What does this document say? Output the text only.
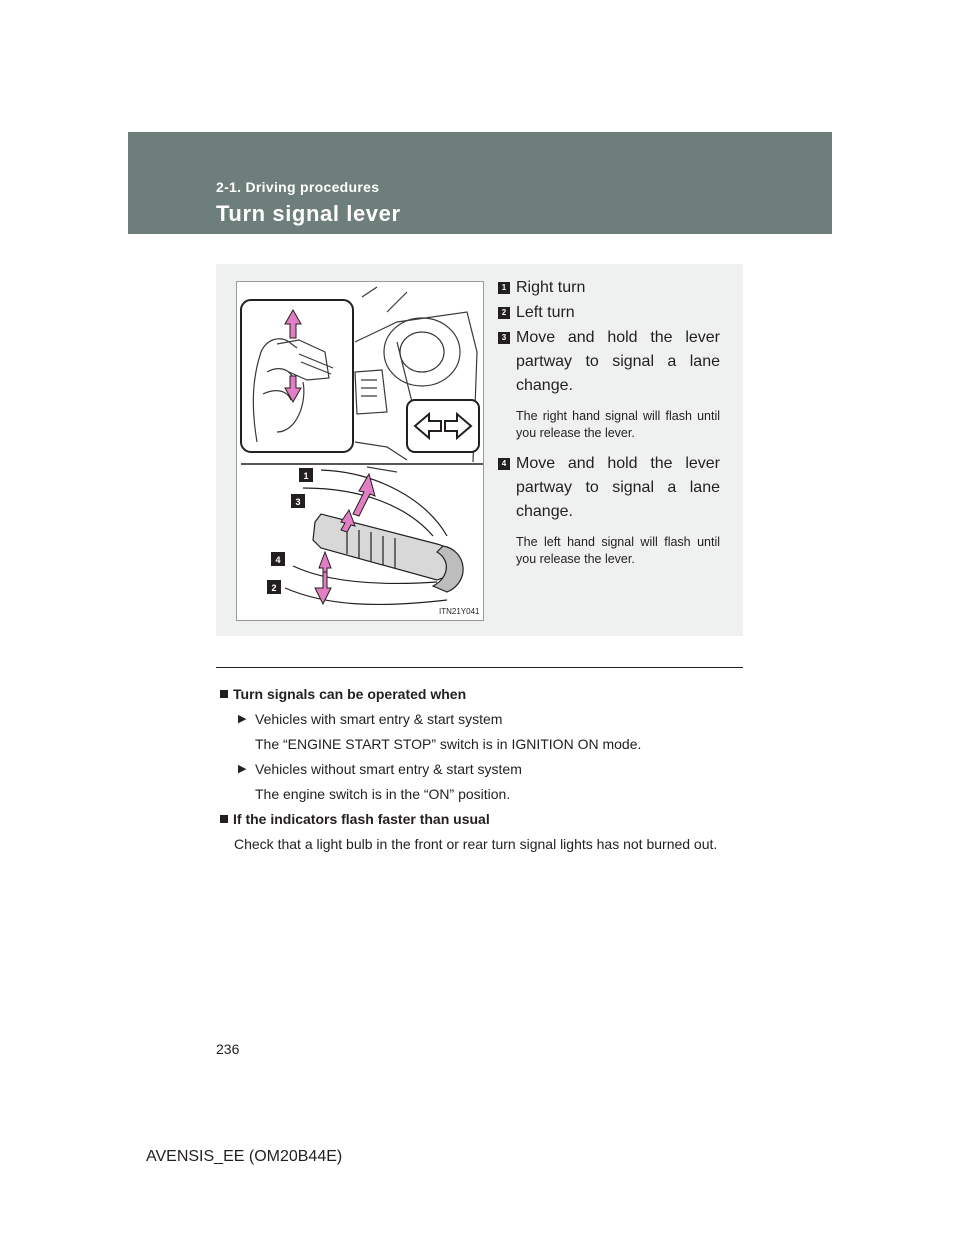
2-1. Driving procedures
Turn signal lever
1
3
4
2
ITN21Y041
1 Right turn
2 Left turn
3 Move and hold the lever
partway to signal a lane
change.
The right hand signal will flash until you release the lever.
4 Move and hold the lever
partway to signal a lane
change.
The left hand signal will flash until you release the lever.
Turn signals can be operated when
▶ Vehicles with smart entry & start system
The “ENGINE START STOP” switch is in IGNITION ON mode.
▶ Vehicles without smart entry & start system
The engine switch is in the “ON” position.
If the indicators flash faster than usual
Check that a light bulb in the front or rear turn signal lights has not burned out.
236
AVENSIS_EE (OM20B44E)
